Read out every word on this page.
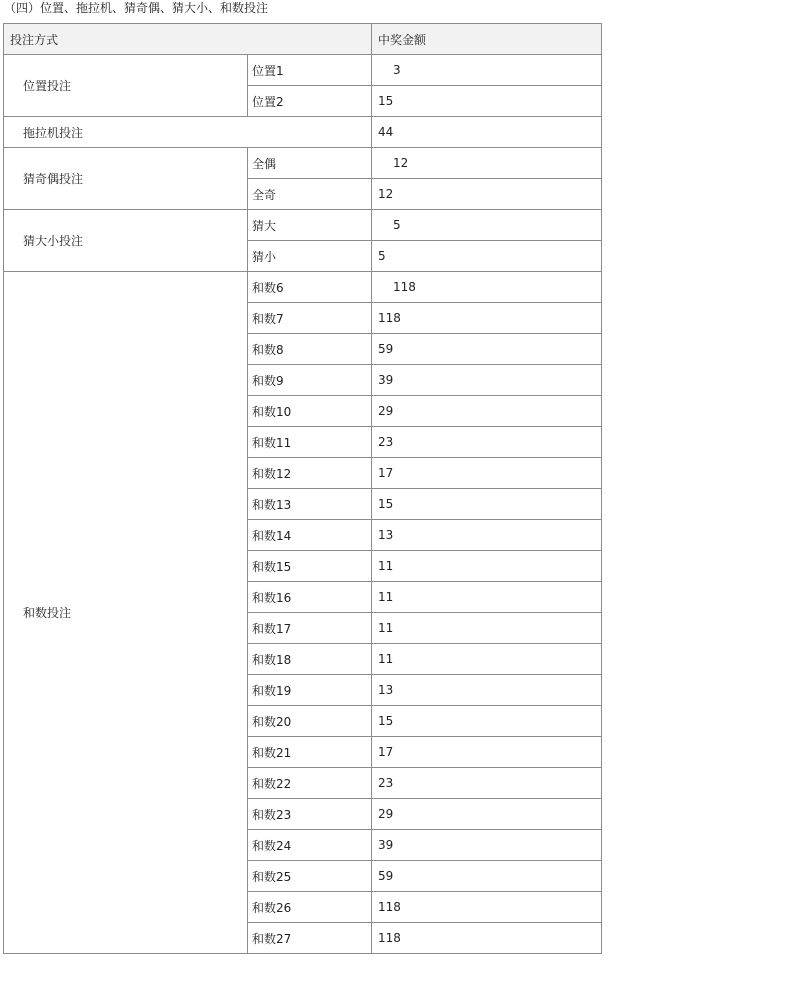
（四）位置、拖拉机、猜奇偶、猜大小、和数投注
投注方式		中奖金额
位置投注	位置1	3
	位置2	15
拖拉机投注		44
猜奇偶投注	全偶	12
	全奇	12
猜大小投注	猜大	5
	猜小	5
和数投注	和数6	118
	和数7	118
	和数8	59
	和数9	39
	和数10	29
	和数11	23
	和数12	17
	和数13	15
	和数14	13
	和数15	11
	和数16	11
	和数17	11
	和数18	11
	和数19	13
	和数20	15
	和数21	17
	和数22	23
	和数23	29
	和数24	39
	和数25	59
	和数26	118
	和数27	118
